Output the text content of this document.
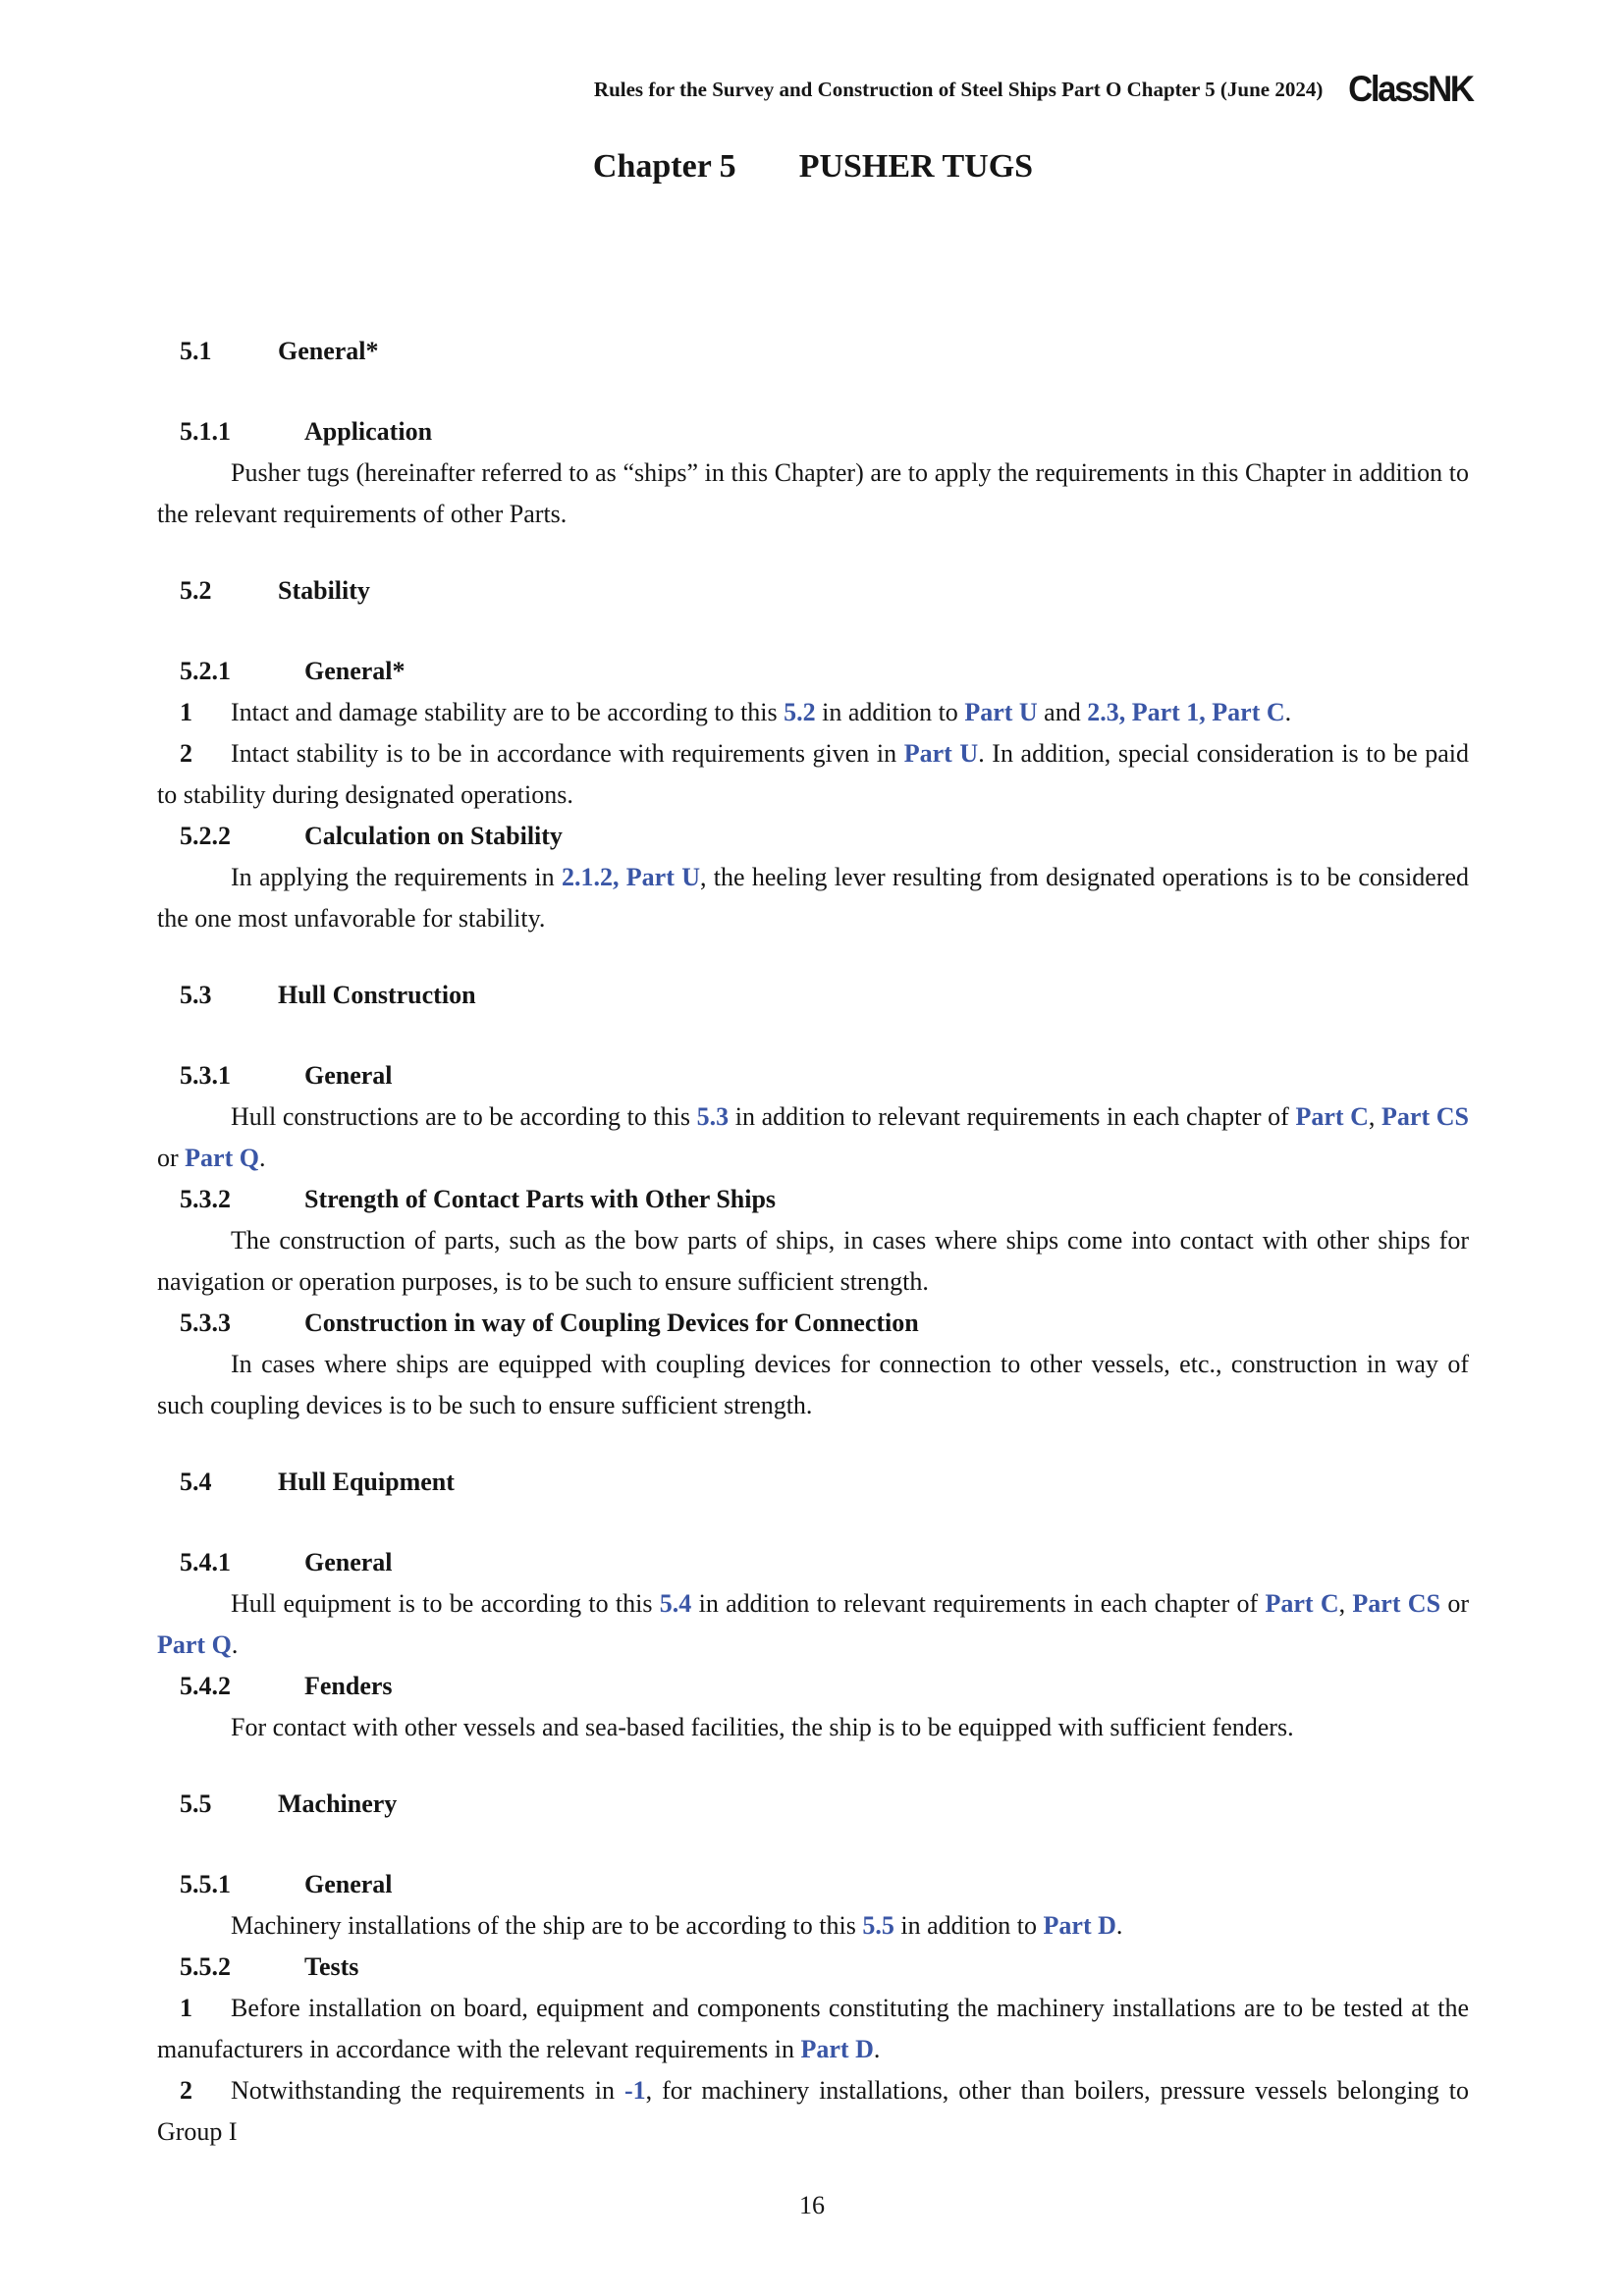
Rules for the Survey and Construction of Steel Ships Part O Chapter 5 (June 2024) ClassNK
Chapter 5 PUSHER TUGS
5.1	General*
5.1.1	Application

Pusher tugs (hereinafter referred to as “ships” in this Chapter) are to apply the requirements in this Chapter in addition to the relevant requirements of other Parts.

5.2	Stability
5.2.1	General*

1 Intact and damage stability are to be according to this 5.2 in addition to Part U and 2.3, Part 1, Part C.

2 Intact stability is to be in accordance with requirements given in Part U. In addition, special consideration is to be paid to stability during designated operations.

5.2.2	Calculation on Stability

In applying the requirements in 2.1.2, Part U, the heeling lever resulting from designated operations is to be considered the one most unfavorable for stability.

5.3	Hull Construction
5.3.1	General

Hull constructions are to be according to this 5.3 in addition to relevant requirements in each chapter of Part C, Part CS or Part Q.

5.3.2	Strength of Contact Parts with Other Ships

The construction of parts, such as the bow parts of ships, in cases where ships come into contact with other ships for navigation or operation purposes, is to be such to ensure sufficient strength.

5.3.3	Construction in way of Coupling Devices for Connection

In cases where ships are equipped with coupling devices for connection to other vessels, etc., construction in way of such coupling devices is to be such to ensure sufficient strength.

5.4	Hull Equipment
5.4.1	General

Hull equipment is to be according to this 5.4 in addition to relevant requirements in each chapter of Part C, Part CS or Part Q.

5.4.2	Fenders

For contact with other vessels and sea-based facilities, the ship is to be equipped with sufficient fenders.

5.5	Machinery
5.5.1	General

Machinery installations of the ship are to be according to this 5.5 in addition to Part D.

5.5.2	Tests

1 Before installation on board, equipment and components constituting the machinery installations are to be tested at the manufacturers in accordance with the relevant requirements in Part D.

2 Notwithstanding the requirements in -1, for machinery installations, other than boilers, pressure vessels belonging to Group I

16
